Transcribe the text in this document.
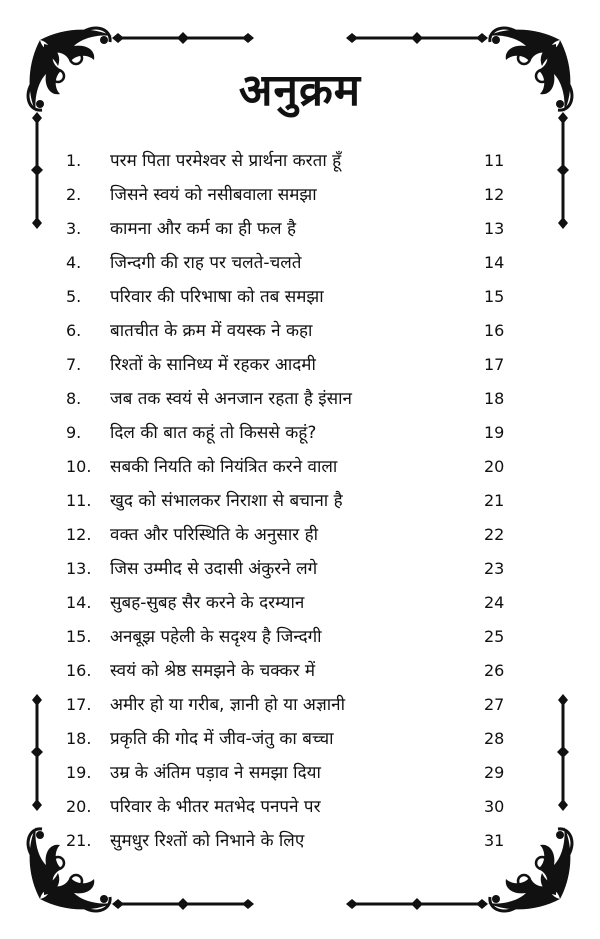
अनुक्रम
1. परम पिता परमेश्वर से प्रार्थना करता हूँ	11
2. जिसने स्वयं को नसीबवाला समझा	12
3. कामना और कर्म का ही फल है	13
4. जिन्दगी की राह पर चलते-चलते	14
5. परिवार की परिभाषा को तब समझा	15
6. बातचीत के क्रम में वयस्क ने कहा	16
7. रिश्तों के सानिध्य में रहकर आदमी	17
8. जब तक स्वयं से अनजान रहता है इंसान	18
9. दिल की बात कहूं तो किससे कहूं?	19
10. सबकी नियति को नियंत्रित करने वाला	20
11. खुद को संभालकर निराशा से बचाना है	21
12. वक्त और परिस्थिति के अनुसार ही	22
13. जिस उम्मीद से उदासी अंकुरने लगे	23
14. सुबह-सुबह सैर करने के दरम्यान	24
15. अनबूझ पहेली के सदृश्य है जिन्दगी	25
16. स्वयं को श्रेष्ठ समझने के चक्कर में	26
17. अमीर हो या गरीब, ज्ञानी हो या अज्ञानी	27
18. प्रकृति की गोद में जीव-जंतु का बच्चा	28
19. उम्र के अंतिम पड़ाव ने समझा दिया	29
20. परिवार के भीतर मतभेद पनपने पर	30
21. सुमधुर रिश्तों को निभाने के लिए	31
